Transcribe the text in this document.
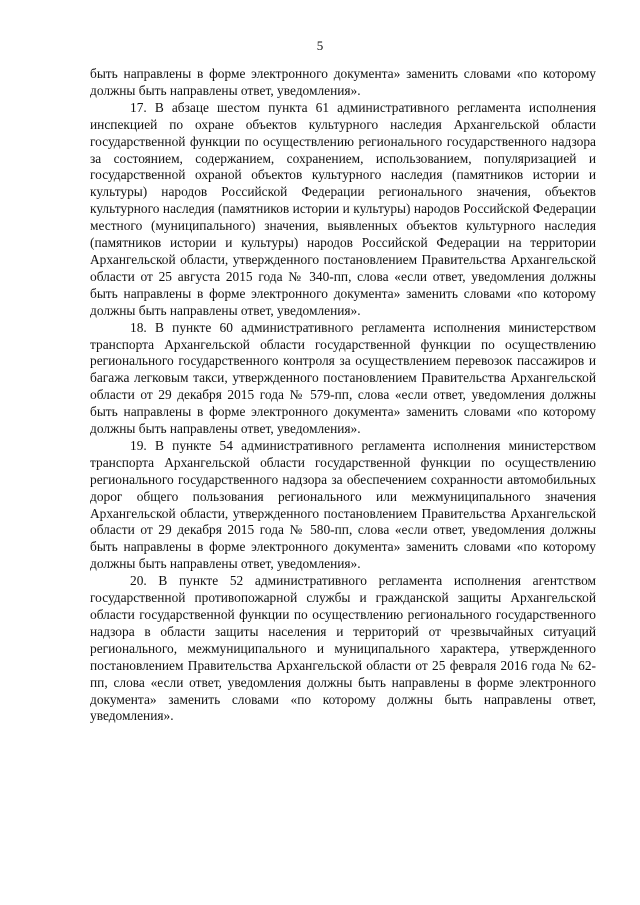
5

быть направлены в форме электронного документа» заменить словами «по которому должны быть направлены ответ, уведомления».

17. В абзаце шестом пункта 61 административного регламента исполнения инспекцией по охране объектов культурного наследия Архангельской области государственной функции по осуществлению регионального государственного надзора за состоянием, содержанием, сохранением, использованием, популяризацией и государственной охраной объектов культурного наследия (памятников истории и культуры) народов Российской Федерации регионального значения, объектов культурного наследия (памятников истории и культуры) народов Российской Федерации местного (муниципального) значения, выявленных объектов культурного наследия (памятников истории и культуры) народов Российской Федерации на территории Архангельской области, утвержденного постановлением Правительства Архангельской области от 25 августа 2015 года № 340-пп, слова «если ответ, уведомления должны быть направлены в форме электронного документа» заменить словами «по которому должны быть направлены ответ, уведомления».

18. В пункте 60 административного регламента исполнения министерством транспорта Архангельской области государственной функции по осуществлению регионального государственного контроля за осуществлением перевозок пассажиров и багажа легковым такси, утвержденного постановлением Правительства Архангельской области от 29 декабря 2015 года № 579-пп, слова «если ответ, уведомления должны быть направлены в форме электронного документа» заменить словами «по которому должны быть направлены ответ, уведомления».

19. В пункте 54 административного регламента исполнения министерством транспорта Архангельской области государственной функции по осуществлению регионального государственного надзора за обеспечением сохранности автомобильных дорог общего пользования регионального или межмуниципального значения Архангельской области, утвержденного постановлением Правительства Архангельской области от 29 декабря 2015 года № 580-пп, слова «если ответ, уведомления должны быть направлены в форме электронного документа» заменить словами «по которому должны быть направлены ответ, уведомления».

20. В пункте 52 административного регламента исполнения агентством государственной противопожарной службы и гражданской защиты Архангельской области государственной функции по осуществлению регионального государственного надзора в области защиты населения и территорий от чрезвычайных ситуаций регионального, межмуниципального и муниципального характера, утвержденного постановлением Правительства Архангельской области от 25 февраля 2016 года № 62-пп, слова «если ответ, уведомления должны быть направлены в форме электронного документа» заменить словами «по которому должны быть направлены ответ, уведомления».
